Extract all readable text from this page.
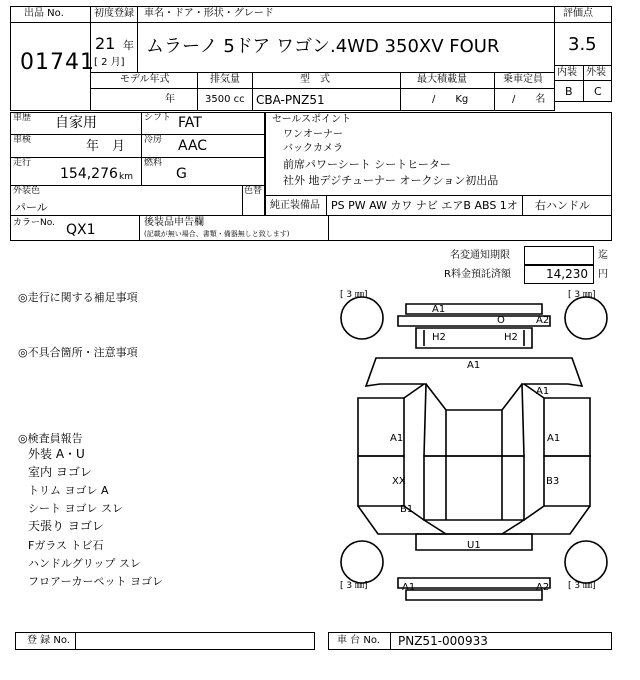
出品 No.
01741
初度登録
21 年
[ 2 月]
車名・ドア・形状・グレード
ムラーノ 5ドア ワゴン.4WD 350XV FOUR
評価点
3.5
内装 外装
B C
モデル年式
年
排気量
3500 cc
型　式
CBA-PNZ51
最大積載量
/　　Kg
乗車定員
/　　名
車歴 自家用	シフト FAT
車検	年　月 冷房 AAC
走行
154,276 km
燃料
G
外装色
パール
色替
カラーNo. QX1	後装品申告欄
(記載が無い場合、書類・備器無しと致します)
セールスポイント
ワンオーナー
バックカメラ
前席パワーシート シートヒーター
社外 地デジチューナー オークション初出品
純正装備品 PS PW AW カワ ナビ エアB ABS 1オ 右ハンドル
名変通知期限	迄
R料金預託済額	14,230 円
◎走行に関する補足事項
◎不具合箇所・注意事項
◎検査員報告
外装 A・U
室内 ヨゴレ
トリム ヨゴレ A
シート ヨゴレ スレ
天張り ヨゴレ
Fガラス トビ石
ハンドルグリップ スレ
フロアーカーペット ヨゴレ
[ 3 ㎜]	[ 3 ㎜]
[ 3 ㎜]	[ 3 ㎜]
A1
O	A2
H2	H2
A1
A1
A1	A1
XX	B3
B1
U1
A1	A2
登 録 No.	車 台 No. PNZ51-000933
